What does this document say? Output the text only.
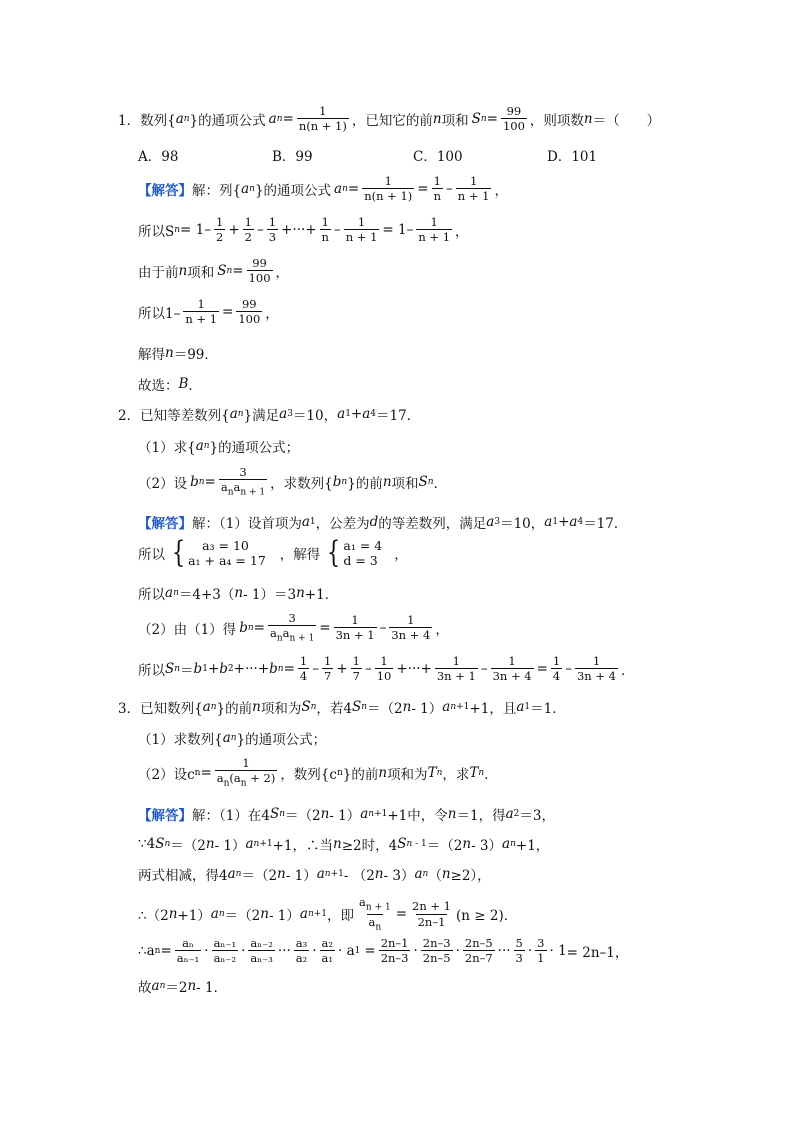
1． 数列{ a n }的通项公式 a $n = \frac{1}{n(n + 1)}$ ，已知它的前 n 项和 S $n = \frac{99}{100}$ ，则项数 n ＝（　　）
A．98	B．99	C．100	D．101
【解答】 解：列{ a n }的通项公式 a $n = \frac{1}{n(n + 1)} = \frac{1}{n} - \frac{1}{n + 1}$ ，
所以S $n = 1- \frac{1}{2} + \frac{1}{2} - \frac{1}{3}$ +···+ $\frac{1}{n} - \frac{1}{n + 1} = 1- \frac{1}{n + 1}$ ，
由于前 n 项和 S $n = \frac{99}{100}$ ，
所以$1- \frac{1}{n + 1} = \frac{99}{100}$ ，
解得 n ＝99．
故选： B ．
2． 已知等差数列{ a n }满足 a 3 ＝10， a 1 + a 4 ＝17．
（1）求{ a n }的通项公式；
（2）设 b $n = \frac{3}{a_na_{n + 1}}$ ，求数列{ b n }的前 n 项和 S n ．
【解答】 解：（1）设首项为 a 1 ，公差为 d 的等差数列，满足 a 3 ＝10， a 1 + a 4 ＝17．
所以 {	a₃ = 10
a₁ + a₄ = 17 ，解得 { a₁ = 4
d = 3	，
所以 a n ＝4+3（ n - 1）＝3 n +1．
（2）由（1）得 b $n = \frac{3}{a_na_{n + 1}} = \frac{1}{3n + 1} - \frac{1}{3n + 4}$ ，
所以 S n ＝ b 1 + b 2 +···+ b $n = \frac{1}{4} - \frac{1}{7} + \frac{1}{7} - \frac{1}{10}$ +···+ $\frac{1}{3n + 1} - \frac{1}{3n + 4} = \frac{1}{4} - \frac{1}{3n + 4}$ ．
3． 已知数列{ a n }的前 n 项和为 S n ，若4 S n ＝（2 n - 1） a n+1 +1，且 a 1 ＝1．
（1）求数列{ a n }的通项公式；
（2）设c $n = \frac{1}{a_n(a_n + 2)}$ ，数列{c n }的前 n 项和为 T n ，求 T n ．
【解答】 解：（1）在4 S n ＝（2 n - 1） a n+1 +1中，令 n ＝1，得 a 2 ＝3，
∵4 S n ＝（2 n - 1） a n+1 +1，∴当 n ≥2时，4 S n - 1 ＝（2 n - 3） a n +1，
两式相减，得4 a n ＝（2 n - 1） a n+1 - （2 n - 3） a n （ n ≥2），
∴（2 n +1） a n ＝（2 n - 1） a n+1 ，即 $\frac{a_{n + 1}}{a_n} = \frac{2n + 1}{2n-1} (n \ge 2)$．
∴a $n = \frac{\text{aₙ}}{\text{aₙ₋₁}} \cdot \frac{\text{aₙ₋₁}}{\text{aₙ₋₂}} \cdot \frac{\text{aₙ₋₂}}{\text{aₙ₋₃}}$ ··· $\frac{\text{a₃}}{\text{a₂}} \cdot \frac{\text{a₂}}{\text{a₁}} \cdot a$ $1 = \frac{2n-1}{2n-3} \cdot \frac{2n-3}{2n-5} \cdot \frac{2n-5}{2n-7}$ ··· $\frac{5}{3} \cdot \frac{3}{1} \cdot 1 = 2n-1$，
故 a n ＝2 n - 1．
